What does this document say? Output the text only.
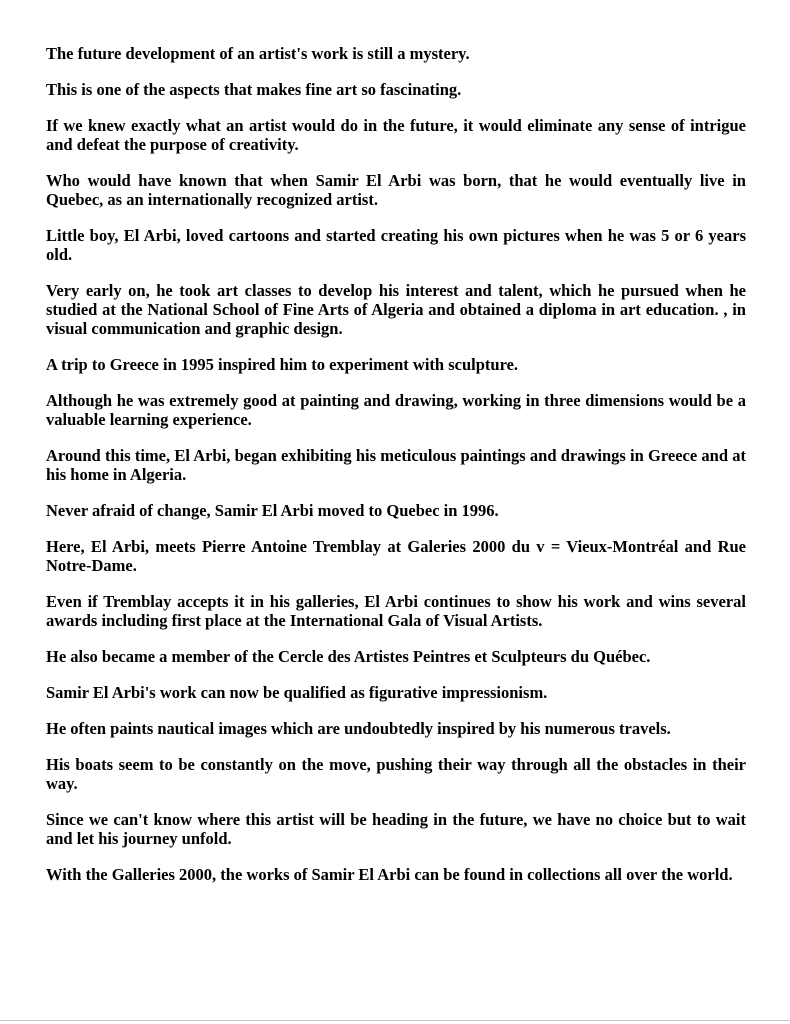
The future development of an artist's work is still a mystery.

This is one of the aspects that makes fine art so fascinating.

If we knew exactly what an artist would do in the future, it would eliminate any sense of intrigue and defeat the purpose of creativity.

Who would have known that when Samir El Arbi was born, that he would eventually live in Quebec, as an internationally recognized artist.

Little boy, El Arbi, loved cartoons and started creating his own pictures when he was 5 or 6 years old.

Very early on, he took art classes to develop his interest and talent, which he pursued when he studied at the National School of Fine Arts of Algeria and obtained a diploma in art education. , in visual communication and graphic design.

A trip to Greece in 1995 inspired him to experiment with sculpture.

Although he was extremely good at painting and drawing, working in three dimensions would be a valuable learning experience.

Around this time, El Arbi, began exhibiting his meticulous paintings and drawings in Greece and at his home in Algeria.

Never afraid of change, Samir El Arbi moved to Quebec in 1996.

Here, El Arbi, meets Pierre Antoine Tremblay at Galeries 2000 du v = Vieux-Montréal and Rue Notre-Dame.

Even if Tremblay accepts it in his galleries, El Arbi continues to show his work and wins several awards including first place at the International Gala of Visual Artists.

He also became a member of the Cercle des Artistes Peintres et Sculpteurs du Québec.

Samir El Arbi's work can now be qualified as figurative impressionism.

He often paints nautical images which are undoubtedly inspired by his numerous travels.

His boats seem to be constantly on the move, pushing their way through all the obstacles in their way.

Since we can't know where this artist will be heading in the future, we have no choice but to wait and let his journey unfold.

With the Galleries 2000, the works of Samir El Arbi can be found in collections all over the world.
